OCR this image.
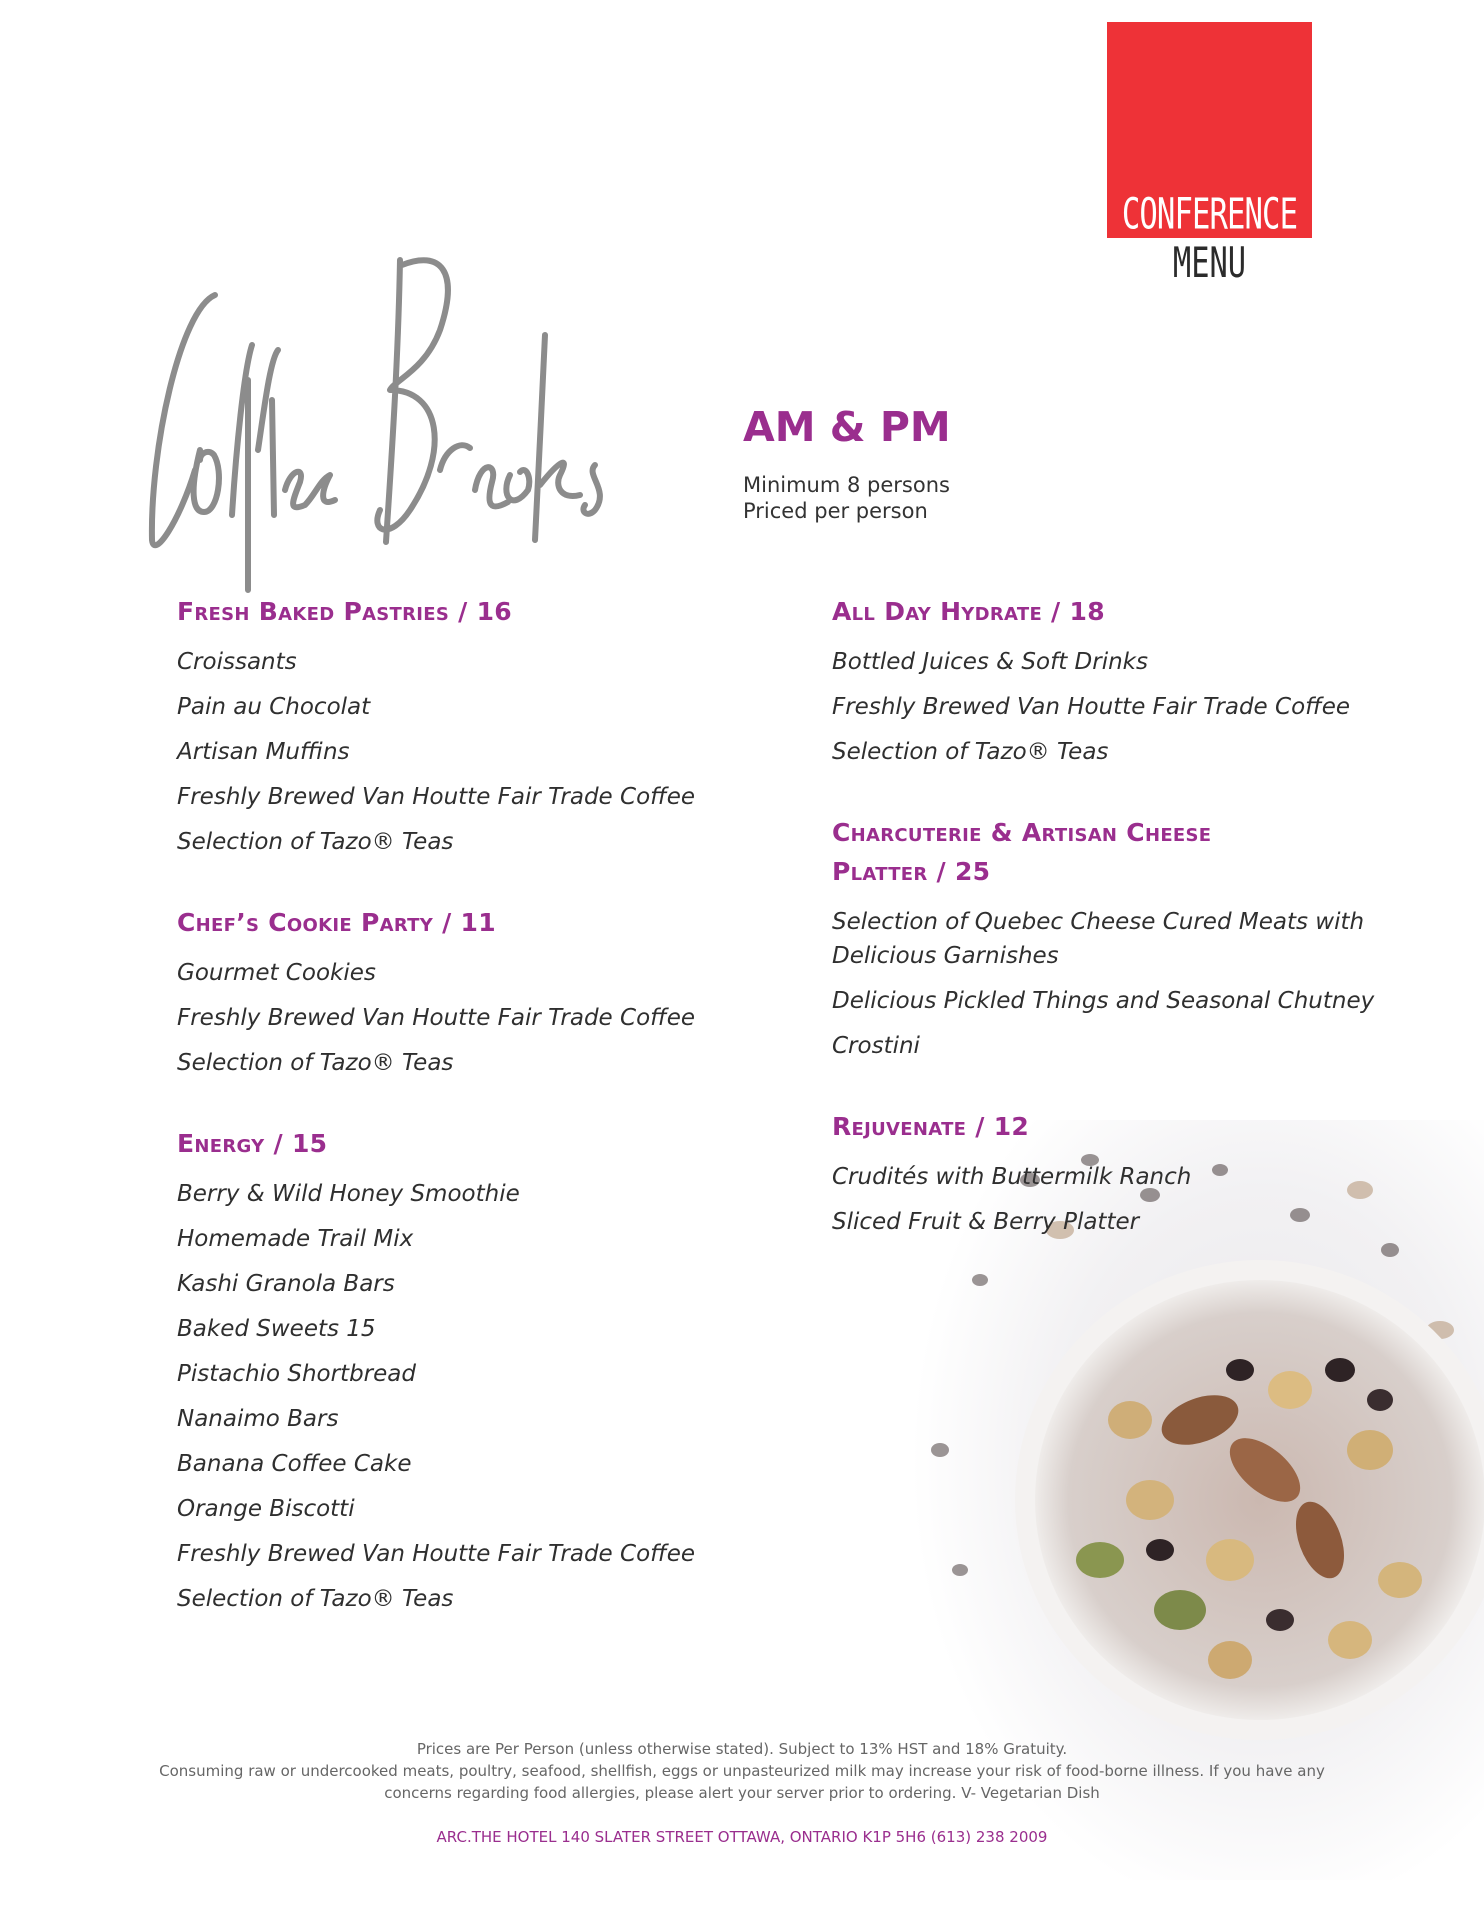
CONFERENCE
MENU
AM & PM
Minimum 8 persons
Priced per person
Fresh Baked Pastries / 16
Croissants
Pain au Chocolat
Artisan Muffins
Freshly Brewed Van Houtte Fair Trade Coffee
Selection of Tazo® Teas
Chef’s Cookie Party / 11
Gourmet Cookies
Freshly Brewed Van Houtte Fair Trade Coffee
Selection of Tazo® Teas
Energy / 15
Berry & Wild Honey Smoothie
Homemade Trail Mix
Kashi Granola Bars
Baked Sweets 15
Pistachio Shortbread
Nanaimo Bars
Banana Coffee Cake
Orange Biscotti
Freshly Brewed Van Houtte Fair Trade Coffee
Selection of Tazo® Teas
All Day Hydrate / 18
Bottled Juices & Soft Drinks
Freshly Brewed Van Houtte Fair Trade Coffee
Selection of Tazo® Teas
Charcuterie & Artisan Cheese Platter / 25
Selection of Quebec Cheese Cured Meats with Delicious Garnishes
Delicious Pickled Things and Seasonal Chutney
Crostini
Rejuvenate / 12
Crudités with Buttermilk Ranch
Sliced Fruit & Berry Platter
Prices are Per Person (unless otherwise stated). Subject to 13% HST and 18% Gratuity.
Consuming raw or undercooked meats, poultry, seafood, shellfish, eggs or unpasteurized milk may increase your risk of food-borne illness. If you have any concerns regarding food allergies, please alert your server prior to ordering. V- Vegetarian Dish
ARC.THE HOTEL 140 SLATER STREET OTTAWA, ONTARIO K1P 5H6 (613) 238 2009
